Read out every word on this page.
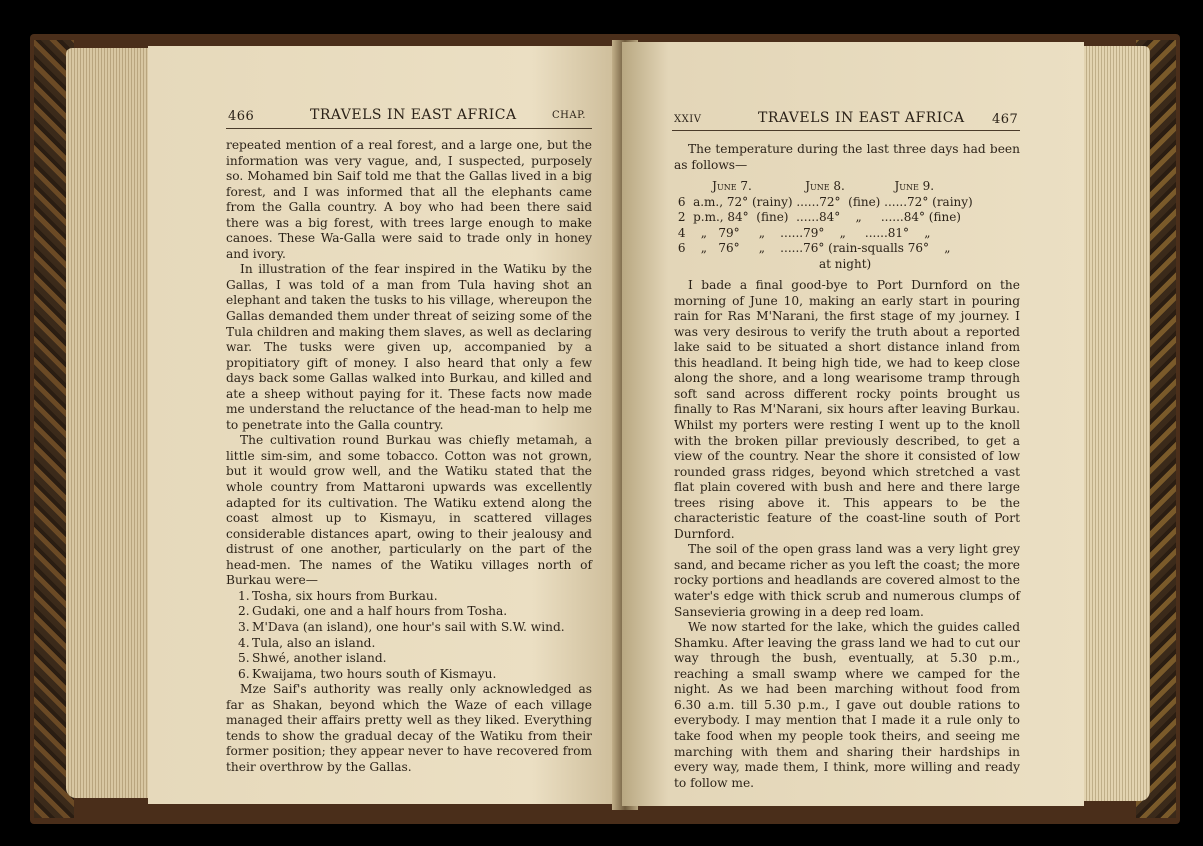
466	TRAVELS IN EAST AFRICA	CHAP.

repeated mention of a real forest, and a large one, but the information was very vague, and, I suspected, purposely so. Mohamed bin Saif told me that the Gallas lived in a big forest, and I was informed that all the elephants came from the Galla country. A boy who had been there said there was a big forest, with trees large enough to make canoes. These Wa-Galla were said to trade only in honey and ivory.

In illustration of the fear inspired in the Watiku by the Gallas, I was told of a man from Tula having shot an elephant and taken the tusks to his village, whereupon the Gallas demanded them under threat of seizing some of the Tula children and making them slaves, as well as declaring war. The tusks were given up, accompanied by a propitiatory gift of money. I also heard that only a few days back some Gallas walked into Burkau, and killed and ate a sheep without paying for it. These facts now made me understand the reluctance of the head-man to help me to penetrate into the Galla country.

The cultivation round Burkau was chiefly metamah, a little sim-sim, and some tobacco. Cotton was not grown, but it would grow well, and the Watiku stated that the whole country from Mattaroni upwards was excellently adapted for its cultivation. The Watiku extend along the coast almost up to Kismayu, in scattered villages considerable distances apart, owing to their jealousy and distrust of one another, particularly on the part of the head-men. The names of the Watiku villages north of Burkau were—

1. Tosha, six hours from Burkau.
2. Gudaki, one and a half hours from Tosha.
3. M'Dava (an island), one hour's sail with S.W. wind.
4. Tula, also an island.
5. Shwé, another island.
6. Kwaijama, two hours south of Kismayu.

Mze Saif's authority was really only acknowledged as far as Shakan, beyond which the Waze of each village managed their affairs pretty well as they liked. Everything tends to show the gradual decay of the Watiku from their former position; they appear never to have recovered from their overthrow by the Gallas.

XXIV	TRAVELS IN EAST AFRICA 467

The temperature during the last three days had been as follows—

June 7.              June 8.             June 9.
6  a.m., 72° (rainy) ......72°  (fine) ......72° (rainy)
2  p.m., 84°  (fine)  ......84°    „     ......84° (fine)
4    „   79°     „    ......79°    „     ......81°    „
6    „   76°     „    ......76° (rain-squalls 76°    „
at night)

I bade a final good-bye to Port Durnford on the morning of June 10, making an early start in pouring rain for Ras M'Narani, the first stage of my journey. I was very desirous to verify the truth about a reported lake said to be situated a short distance inland from this headland. It being high tide, we had to keep close along the shore, and a long wearisome tramp through soft sand across different rocky points brought us finally to Ras M'Narani, six hours after leaving Burkau. Whilst my porters were resting I went up to the knoll with the broken pillar previously described, to get a view of the country. Near the shore it consisted of low rounded grass ridges, beyond which stretched a vast flat plain covered with bush and here and there large trees rising above it. This appears to be the characteristic feature of the coast-line south of Port Durnford.

The soil of the open grass land was a very light grey sand, and became richer as you left the coast; the more rocky portions and headlands are covered almost to the water's edge with thick scrub and numerous clumps of Sansevieria growing in a deep red loam.

We now started for the lake, which the guides called Shamku. After leaving the grass land we had to cut our way through the bush, eventually, at 5.30 p.m., reaching a small swamp where we camped for the night. As we had been marching without food from 6.30 a.m. till 5.30 p.m., I gave out double rations to everybody. I may mention that I made it a rule only to take food when my people took theirs, and seeing me marching with them and sharing their hardships in every way, made them, I think, more willing and ready to follow me.
